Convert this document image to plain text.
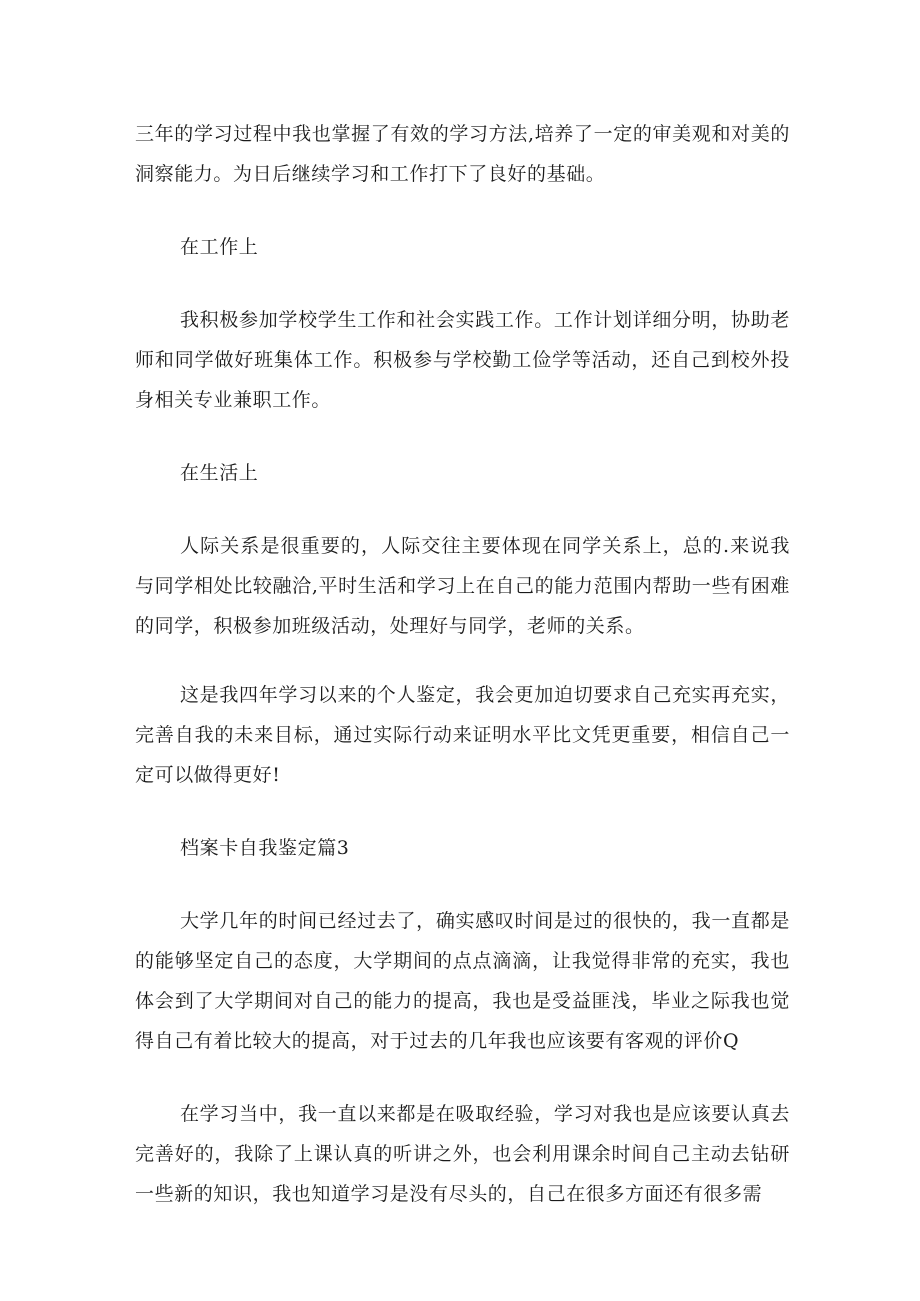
三年的学习过程中我也掌握了有效的学习方法,培养了一定的审美观和对美的洞察能力。为日后继续学习和工作打下了良好的基础。

在工作上

我积极参加学校学生工作和社会实践工作。工作计划详细分明，协助老师和同学做好班集体工作。积极参与学校勤工俭学等活动，还自己到校外投身相关专业兼职工作。

在生活上

人际关系是很重要的，人际交往主要体现在同学关系上，总的.来说我与同学相处比较融洽,平时生活和学习上在自己的能力范围内帮助一些有困难的同学，积极参加班级活动，处理好与同学，老师的关系。

这是我四年学习以来的个人鉴定，我会更加迫切要求自己充实再充实，完善自我的未来目标，通过实际行动来证明水平比文凭更重要，相信自己一定可以做得更好!

档案卡自我鉴定篇3

大学几年的时间已经过去了，确实感叹时间是过的很快的，我一直都是的能够坚定自己的态度，大学期间的点点滴滴，让我觉得非常的充实，我也体会到了大学期间对自己的能力的提高，我也是受益匪浅，毕业之际我也觉得自己有着比较大的提高，对于过去的几年我也应该要有客观的评价Q

在学习当中，我一直以来都是在吸取经验，学习对我也是应该要认真去完善好的，我除了上课认真的听讲之外，也会利用课余时间自己主动去钻研一些新的知识，我也知道学习是没有尽头的，自己在很多方面还有很多需
